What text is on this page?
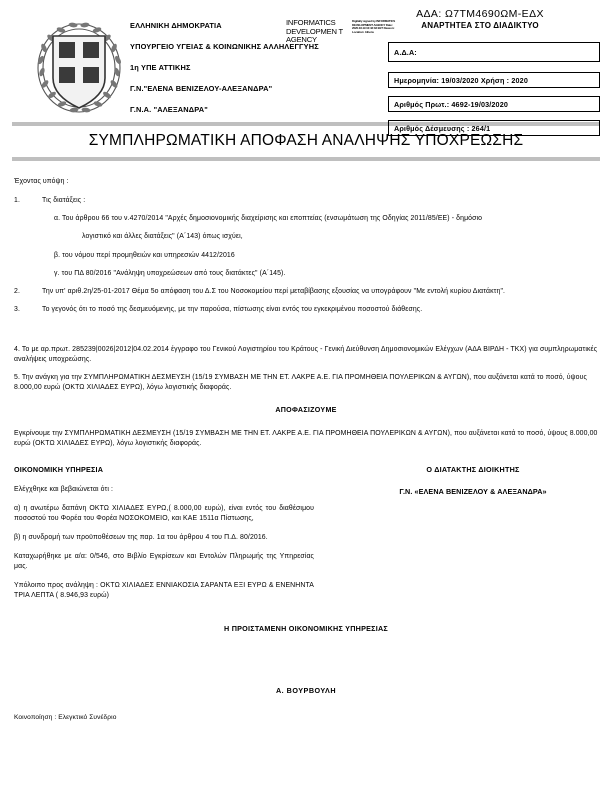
ΕΛΛΗΝΙΚΗ ΔΗΜΟΚΡΑΤΙΑ
ΥΠΟΥΡΓΕΙΟ ΥΓΕΙΑΣ & ΚΟΙΝΩΝΙΚΗΣ ΑΛΛΗΛΕΓΓΥΗΣ
1η ΥΠΕ ΑΤΤΙΚΗΣ
Γ.Ν."ΕΛΕΝΑ ΒΕΝΙΖΕΛΟΥ-ΑΛΕΞΑΝΔΡΑ"
Γ.Ν.Α. "ΑΛΕΞΑΝΔΡΑ"
INFORMATICS DEVELOPMEN T AGENCY
Digitally signed by INFORMATICS DEVELOPMENT AGENCY Date: 2020.03.19 10:42:33 EET Reason: Location: Athens
ΑΔΑ: Ω7ΤΜ4690ΩΜ-ΕΔΧ
ΑΝΑΡΤΗΤΕΑ ΣΤΟ ΔΙΑΔΙΚΤΥΟ
Α.Δ.Α:
Ημερομηνία: 19/03/2020 Χρήση : 2020
Αριθμός Πρωτ.: 4692-19/03/2020
Αριθμός Δέσμευσης : 264/1
ΣΥΜΠΛΗΡΩΜΑΤΙΚΗ ΑΠΟΦΑΣΗ ΑΝΑΛΗΨΗΣ ΥΠΟΧΡΕΩΣΗΣ
Έχοντας υπόψη :
1.	Τις διατάξεις :
α. Του άρθρου 66 του ν.4270/2014 "Αρχές δημοσιονομικής διαχείρισης και εποπτείας (ενσωμάτωση της Οδηγίας 2011/85/ΕΕ) - δημόσιο
λογιστικό και άλλες διατάξεις" (Α΄143) όπως ισχύει,
β. του νόμου περί προμηθειών και υπηρεσιών 4412/2016
γ. του ΠΔ 80/2016 "Ανάληψη υποχρεώσεων από τους διατάκτες" (Α΄145).
2.	Την υπ' αριθ.2η/25-01-2017 Θέμα 5ο απόφαση του Δ.Σ του Νοσοκομείου περί μεταβίβασης εξουσίας να υπογράφουν "Με εντολή κυρίου Διατάκτη".
3.	Το γεγονός ότι το ποσό της δεσμευόμενης, με την παρούσα, πίστωσης είναι εντός του εγκεκριμένου ποσοστού διάθεσης.
4. Το με αρ.πρωτ. 285239|0026|2012|04.02.2014 έγγραφο του Γενικού Λογιστηρίου του Κράτους - Γενική Διεύθυνση Δημοσιονομικών Ελέγχων (ΑΔΑ ΒΙΡΔΗ - ΤΚΧ) για συμπληρωματικές αναλήψεις υποχρεώσης.
5. Την ανάγκη για την ΣΥΜΠΛΗΡΩΜΑΤΙΚΗ ΔΕΣΜΕΥΣΗ (15/19 ΣΥΜΒΑΣΗ ΜΕ ΤΗΝ ΕΤ. ΛΑΚΡΕ Α.Ε. ΓΙΑ ΠΡΟΜΗΘΕΙΑ ΠΟΥΛΕΡΙΚΩΝ & ΑΥΓΩΝ), που αυξάνεται κατά το ποσό, ύψους 8.000,00 ευρώ (ΟΚΤΩ ΧΙΛΙΑΔΕΣ ΕΥΡΩ), λόγω λογιστικής διαφοράς.
ΑΠΟΦΑΣΙΖΟΥΜΕ
Εγκρίνουμε την ΣΥΜΠΛΗΡΩΜΑΤΙΚΗ ΔΕΣΜΕΥΣΗ (15/19 ΣΥΜΒΑΣΗ ΜΕ ΤΗΝ ΕΤ. ΛΑΚΡΕ Α.Ε. ΓΙΑ ΠΡΟΜΗΘΕΙΑ ΠΟΥΛΕΡΙΚΩΝ & ΑΥΓΩΝ), που αυξάνεται κατά το ποσό, ύψους 8.000,00 ευρώ (ΟΚΤΩ ΧΙΛΙΑΔΕΣ ΕΥΡΩ), λόγω λογιστικής διαφοράς.
ΟΙΚΟΝΟΜΙΚΗ ΥΠΗΡΕΣΙΑ
Ελέγχθηκε και βεβαιώνεται ότι :
α) η ανωτέρω δαπάνη ΟΚΤΩ ΧΙΛΙΑΔΕΣ ΕΥΡΩ,( 8.000,00 ευρώ), είναι εντός του διαθέσιμου ποσοστού του Φορέα του Φορέα ΝΟΣΟΚΟΜΕΙΟ, και ΚΑΕ 1511α Πίστωσης,
β) η συνδρομή των προϋποθέσεων της παρ. 1α του άρθρου 4 του Π.Δ. 80/2016.
Καταχωρήθηκε με α/α: 0/546, στο Βιβλίο Εγκρίσεων και Εντολών Πληρωμής της Υπηρεσίας μας.
Υπόλοιπο προς ανάληψη : ΟΚΤΩ ΧΙΛΙΑΔΕΣ ΕΝΝΙΑΚΟΣΙΑ ΣΑΡΑΝΤΑ ΕΞΙ ΕΥΡΩ & ΕΝΕΝΗΝΤΑ ΤΡΙΑ ΛΕΠΤΑ ( 8.946,93 ευρώ)
Ο ΔΙΑΤΑΚΤΗΣ ΔΙΟΙΚΗΤΗΣ
Γ.Ν. «ΕΛΕΝΑ ΒΕΝΙΖΕΛΟΥ & ΑΛΕΞΑΝΔΡΑ»
Η ΠΡΟΙΣΤΑΜΕΝΗ ΟΙΚΟΝΟΜΙΚΗΣ ΥΠΗΡΕΣΙΑΣ
Α. ΒΟΥΡΒΟΥΛΗ
Κοινοποίηση : Ελεγκτικό Συνέδριο
